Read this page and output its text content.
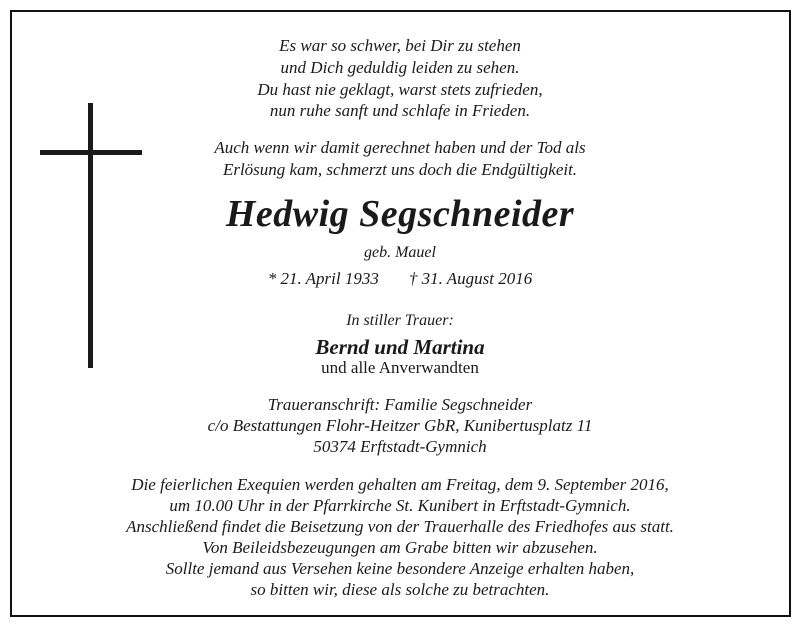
Es war so schwer, bei Dir zu stehen
und Dich geduldig leiden zu sehen.
Du hast nie geklagt, warst stets zufrieden,
nun ruhe sanft und schlafe in Frieden.
Auch wenn wir damit gerechnet haben und der Tod als
Erlösung kam, schmerzt uns doch die Endgültigkeit.
Hedwig Segschneider
geb. Mauel
* 21. April 1933 † 31. August 2016
In stiller Trauer:
Bernd und Martina
und alle Anverwandten
Traueranschrift: Familie Segschneider
c/o Bestattungen Flohr-Heitzer GbR, Kunibertusplatz 11
50374 Erftstadt-Gymnich
Die feierlichen Exequien werden gehalten am Freitag, dem 9. September 2016,
um 10.00 Uhr in der Pfarrkirche St. Kunibert in Erftstadt-Gymnich.
Anschließend findet die Beisetzung von der Trauerhalle des Friedhofes aus statt.
Von Beileidsbezeugungen am Grabe bitten wir abzusehen.
Sollte jemand aus Versehen keine besondere Anzeige erhalten haben,
so bitten wir, diese als solche zu betrachten.
